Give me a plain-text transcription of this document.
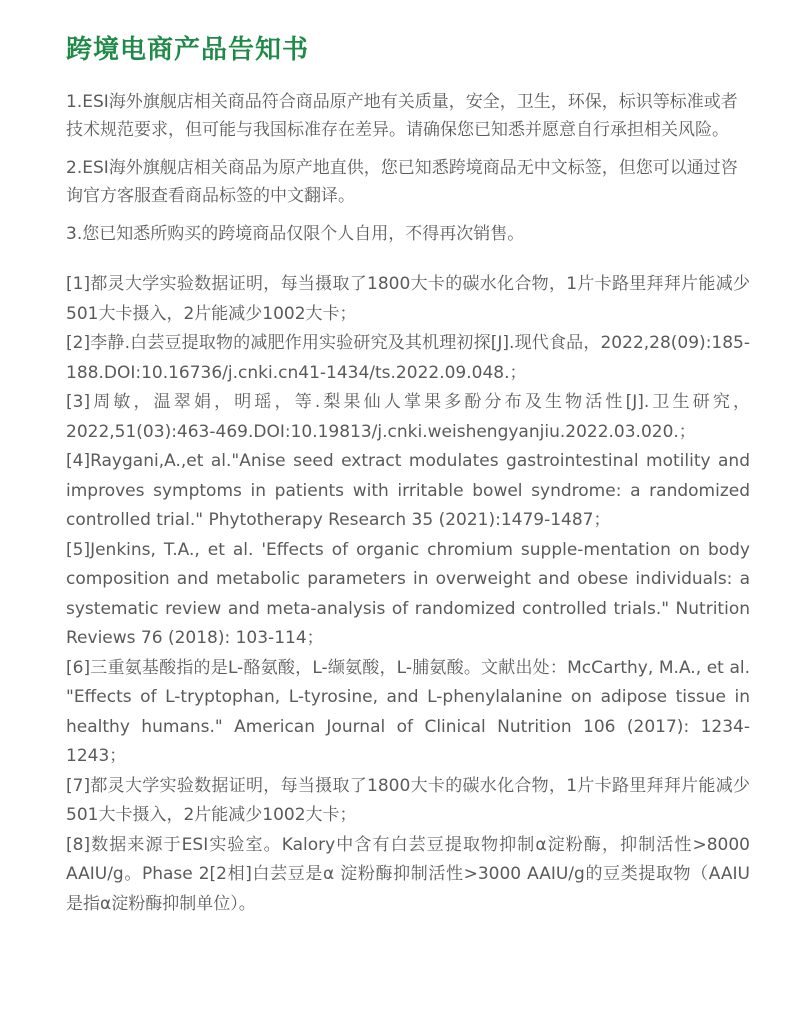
跨境电商产品告知书

1.ESI海外旗舰店相关商品符合商品原产地有关质量，安全，卫生，环保，标识等标准或者技术规范要求，但可能与我国标准存在差异。请确保您已知悉并愿意自行承担相关风险。

2.ESI海外旗舰店相关商品为原产地直供，您已知悉跨境商品无中文标签，但您可以通过咨询官方客服查看商品标签的中文翻译。

3.您已知悉所购买的跨境商品仅限个人自用，不得再次销售。

[1]都灵大学实验数据证明，每当摄取了1800大卡的碳水化合物，1片卡路里拜拜片能减少501大卡摄入，2片能减少1002大卡；

[2]李静.白芸豆提取物的减肥作用实验研究及其机理初探[J].现代食品，2022,28(09):185-188.DOI:10.16736/j.cnki.cn41-1434/ts.2022.09.048.；

[3]周敏，温翠娟，明瑶，等.梨果仙人掌果多酚分布及生物活性[J].卫生研究，2022,51(03):463-469.DOI:10.19813/j.cnki.weishengyanjiu.2022.03.020.；

[4]Raygani,A.,et al."Anise seed extract modulates gastrointestinal motility and improves symptoms in patients with irritable bowel syndrome: a randomized controlled trial." Phytotherapy Research 35 (2021):1479-1487；

[5]Jenkins, T.A., et al. 'Effects of organic chromium supple-mentation on body composition and metabolic parameters in overweight and obese individuals: a systematic review and meta-analysis of randomized controlled trials." Nutrition Reviews 76 (2018): 103-114；

[6]三重氨基酸指的是L-酪氨酸，L-缬氨酸，L-脯氨酸。文献出处：McCarthy, M.A., et al. "Effects of L-tryptophan, L-tyrosine, and L-phenylalanine on adipose tissue in healthy humans." American Journal of Clinical Nutrition 106 (2017): 1234-1243；

[7]都灵大学实验数据证明，每当摄取了1800大卡的碳水化合物，1片卡路里拜拜片能减少501大卡摄入，2片能减少1002大卡；

[8]数据来源于ESI实验室。Kalory中含有白芸豆提取物抑制α淀粉酶，抑制活性>8000 AAIU/g。Phase 2[2相]白芸豆是α 淀粉酶抑制活性>3000 AAIU/g的豆类提取物（AAIU是指α淀粉酶抑制单位）。
